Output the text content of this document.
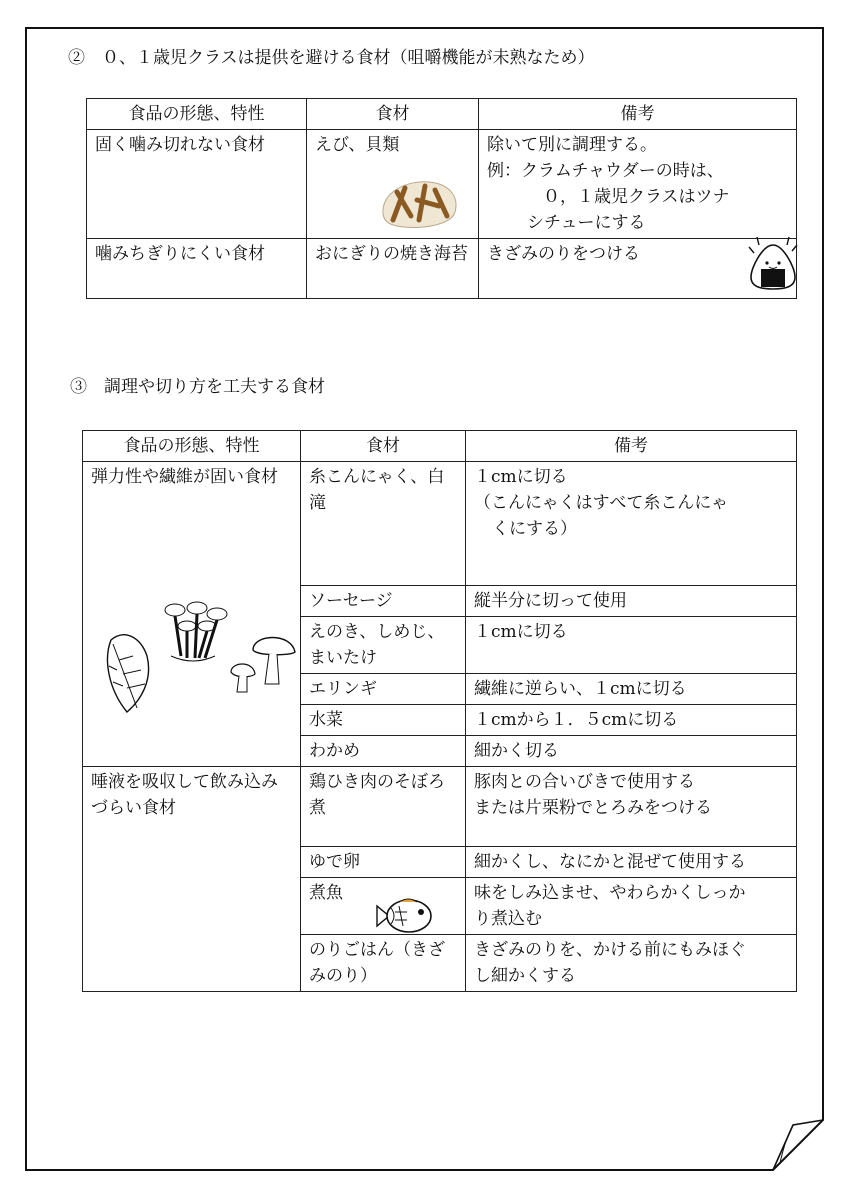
②　０、１歳児クラスは提供を避ける食材（咀嚼機能が未熟なため）
食品の形態、特性	食材	備考
固く噛み切れない食材	えび、貝類	除いて別に調理する。
例：クラムチャウダーの時は、
０，１歳児クラスはツナ
シチューにする

噛みちぎりにくい食材	おにぎりの焼き海苔	きざみのりをつける
③　調理や切り方を工夫する食材
食品の形態、特性	食材	備考
弾力性や繊維が固い食材	糸こんにゃく、白滝	１cmに切る
（こんにゃくはすべて糸こんにゃ
くにする）

	ソーセージ	縦半分に切って使用
	えのき、しめじ、まいたけ	１cmに切る
	エリンギ	繊維に逆らい、１cmに切る
	水菜	１cmから１．５cmに切る
	わかめ	細かく切る
唾液を吸収して飲み込みづらい食材	鶏ひき肉のそぼろ煮	豚肉との合いびきで使用する
または片栗粉でとろみをつける

	ゆで卵	細かくし、なにかと混ぜて使用する
	煮魚	味をしみ込ませ、やわらかくしっか
り煮込む

	のりごはん（きざみのり）	きざみのりを、かける前にもみほぐ
し細かくする
